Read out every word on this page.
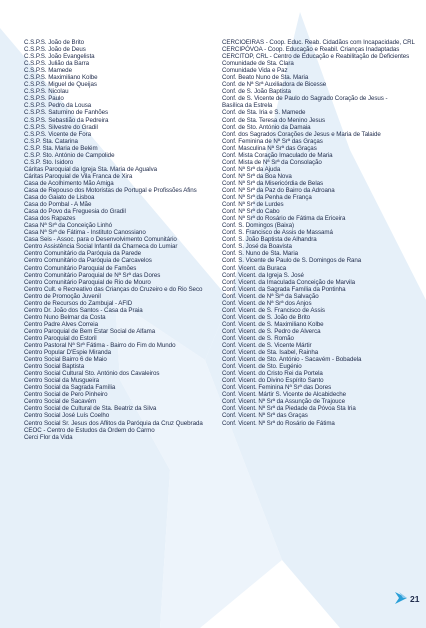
C.S.P.S. João de Brito
C.S.P.S. João de Deus
C.S.P.S. João Evangelista
C.S.P.S. Julião da Barra
C.S.P.S. Mamede
C.S.P.S. Maximiliano Kolbe
C.S.P.S. Miguel de Queijas
C.S.P.S. Nicolau
C.S.P.S. Paulo
C.S.P.S. Pedro da Lousa
C.S.P.S. Saturnino de Fanhões
C.S.P.S. Sebastião da Pedreira
C.S.P.S. Silvestre do Gradil
C.S.P.S. Vicente de Fora
C.S.P. Sta. Catarina
C.S.P. Sta. Maria de Belém
C.S.P. Sto. António de Campolide
C.S.P. Sto. Isidoro
Cáritas Paroquial da Igreja Sta. Maria de Agualva
Cáritas Paroquial de Vila Franca de Xira
Casa de Acolhimento Mão Amiga
Casa de Repouso dos Motoristas de Portugal e Profissões Afins
Casa do Gaiato de Lisboa
Casa do Pombal - A Mãe
Casa do Povo da Freguesia do Gradil
Casa dos Rapazes
Casa Nª Srª da Conceição Linhó
Casa Nª Srª de Fátima - Instituto Canossiano
Casa Seis - Assoc. para o Desenvolvimento Comunitário
Centro Assistência Social Infantil da Charneca do Lumiar
Centro Comunitário da Paróquia da Parede
Centro Comunitário da Paróquia de Carcavelos
Centro Comunitário Paroquial de Famões
Centro Comunitário Paroquial de Nª Srª das Dores
Centro Comunitário Paroquial de Rio de Mouro
Centro Cult. e Recreativo das Crianças do Cruzeiro e do Rio Seco
Centro de Promoção Juvenil
Centro de Recursos do Zambujal - AFID
Centro Dr. João dos Santos - Casa da Praia
Centro Nuno Belmar da Costa
Centro Padre Alves Correia
Centro Paroquial de Bem Estar Social de Alfama
Centro Paroquial do Estoril
Centro Pastoral Nª Srª Fátima - Bairro do Fim do Mundo
Centro Popular D'Espie Miranda
Centro Social Bairro 6 de Maio
Centro Social Baptista
Centro Social Cultural Sto. António dos Cavaleiros
Centro Social da Musgueira
Centro Social da Sagrada Família
Centro Social de Pero Pinheiro
Centro Social de Sacavém
Centro Social de Cultural de Sta. Beatriz da Silva
Centro Social José Luís Coelho
Centro Social Sr. Jesus dos Aflitos da Paróquia da Cruz Quebrada
CEOC - Centro de Estudos da Ordem do Carmo
Cerci Flor da Vida
CERCIOEIRAS - Coop. Educ. Reab. Cidadãos com Incapacidade, CRL
CERCIPÓVOA - Coop. Educação e Reabil. Crianças Inadaptadas
CERCITOP, CRL - Centro de Educação e Reabilitação de Deficientes
Comunidade de Sta. Clara
Comunidade Vida e Paz
Conf. Beato Nuno de Sta. Maria
Conf. de Nª Srª Auxiliadora de Bicesse
Conf. de S. João Baptista
Conf. de S. Vicente de Paulo do Sagrado Coração de Jesus - Basílica da Estrela
Conf. de Sta. Iria e S. Mamede
Conf. de Sta. Teresa do Menino Jesus
Conf. de Sto. António da Damaia
Conf. dos Sagrados Corações de Jesus e Maria de Talaide
Conf. Feminina de Nª Srª das Graças
Conf. Masculina Nª Srª das Graças
Conf. Mista Coração Imaculado de Maria
Conf. Mista de Nª Srª da Consolação
Conf. Nª Srª da Ajuda
Conf. Nª Srª da Boa Nova
Conf. Nª Srª da Misericórdia de Belas
Conf. Nª Srª da Paz do Bairro da Adroana
Conf. Nª Srª da Penha de França
Conf. Nª Srª de Lurdes
Conf. Nª Srª do Cabo
Conf. Nª Srª do Rosário de Fátima da Ericeira
Conf. S. Domingos (Baixa)
Conf. S. Francisco de Assis de Massamá
Conf. S. João Baptista de Alhandra
Conf. S. José da Boavista
Conf. S. Nuno de Sta. Maria
Conf. S. Vicente de Paulo de S. Domingos de Rana
Conf. Vicent. da Buraca
Conf. Vicent. da Igreja S. José
Conf. Vicent. da Imaculada Conceição de Marvila
Conf. Vicent. da Sagrada Família da Pontinha
Conf. Vicent. de Nª Srª da Salvação
Conf. Vicent. de Nª Srª dos Anjos
Conf. Vicent. de S. Francisco de Assis
Conf. Vicent. de S. João de Brito
Conf. Vicent. de S. Maximiliano Kolbe
Conf. Vicent. de S. Pedro de Alverca
Conf. Vicent. de S. Romão
Conf. Vicent. de S. Vicente Mártir
Conf. Vicent. de Sta. Isabel, Rainha
Conf. Vicent. de Sto. António - Sacavém - Bobadela
Conf. Vicent. de Sto. Eugénio
Conf. Vicent. do Cristo Rei da Portela
Conf. Vicent. do Divino Espírito Santo
Conf. Vicent. Feminina Nª Srª das Dores
Conf. Vicent. Mártir S. Vicente de Alcabideche
Conf. Vicent. Nª Srª da Assunção de Trajouce
Conf. Vicent. Nª Srª da Piedade da Póvoa Sta Iria
Conf. Vicent. Nª Srª das Graças
Conf. Vicent. Nª Srª do Rosário de Fátima
21
